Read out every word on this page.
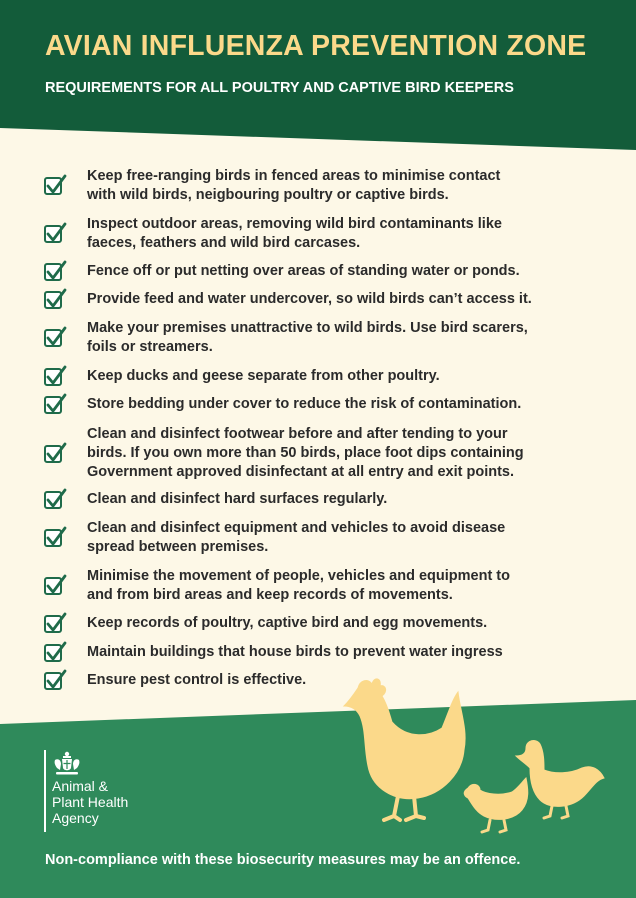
AVIAN INFLUENZA PREVENTION ZONE
REQUIREMENTS FOR ALL POULTRY AND CAPTIVE BIRD KEEPERS
Keep free-ranging birds in fenced areas to minimise contact
with wild birds, neigbouring poultry or captive birds.
Inspect outdoor areas, removing wild bird contaminants like
faeces, feathers and wild bird carcases.
Fence off or put netting over areas of standing water or ponds.
Provide feed and water undercover, so wild birds can’t access it.
Make your premises unattractive to wild birds. Use bird scarers,
foils or streamers.
Keep ducks and geese separate from other poultry.
Store bedding under cover to reduce the risk of contamination.
Clean and disinfect footwear before and after tending to your
birds. If you own more than 50 birds, place foot dips containing
Government approved disinfectant at all entry and exit points.
Clean and disinfect hard surfaces regularly.
Clean and disinfect equipment and vehicles to avoid disease
spread between premises.
Minimise the movement of people, vehicles and equipment to
and from bird areas and keep records of movements.
Keep records of poultry, captive bird and egg movements.
Maintain buildings that house birds to prevent water ingress
Ensure pest control is effective.
Animal &
Plant Health
Agency

Non-compliance with these biosecurity measures may be an offence.
